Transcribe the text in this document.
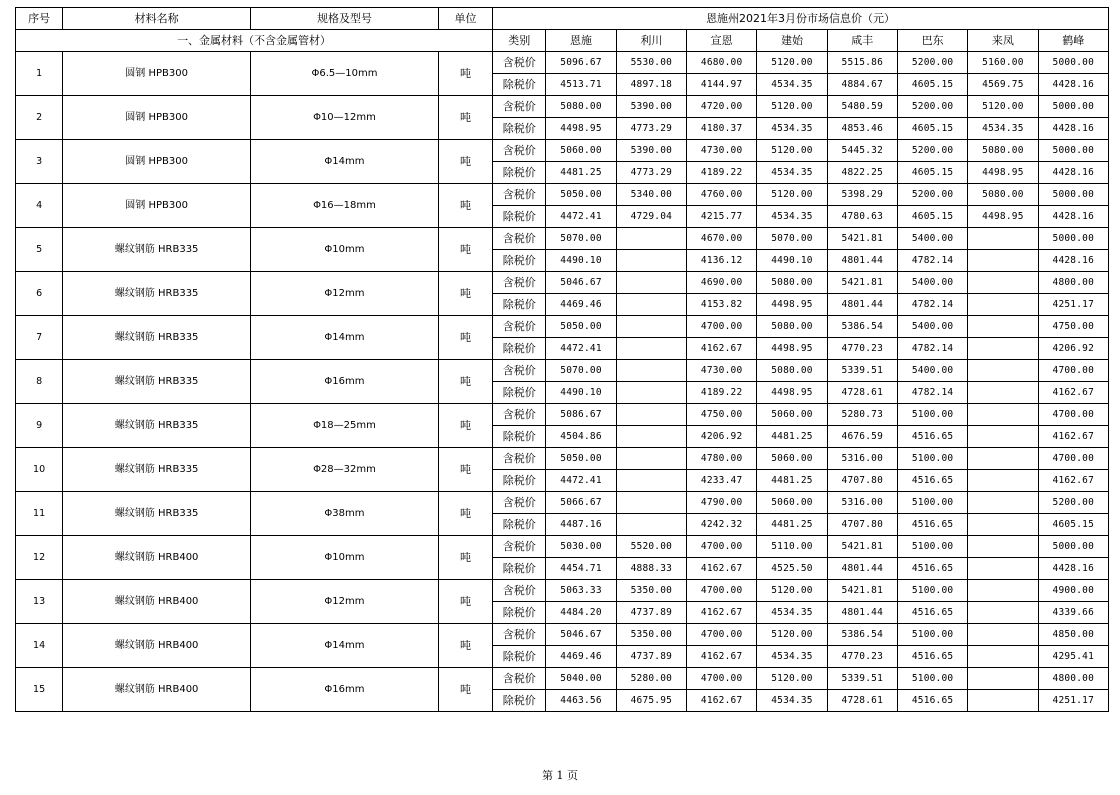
序号	材料名称	规格及型号	单位	恩施州2021年3月份市场信息价（元）								
一、金属材料（不含金属管材）				类别	恩施	利川	宣恩	建始	咸丰	巴东	来凤	鹤峰
1	圆钢 HPB300	Φ6.5—10mm	吨	含税价	5096.67	5530.00	4680.00	5120.00	5515.86	5200.00	5160.00	5000.00
				除税价	4513.71	4897.18	4144.97	4534.35	4884.67	4605.15	4569.75	4428.16
2	圆钢 HPB300	Φ10—12mm	吨	含税价	5080.00	5390.00	4720.00	5120.00	5480.59	5200.00	5120.00	5000.00
				除税价	4498.95	4773.29	4180.37	4534.35	4853.46	4605.15	4534.35	4428.16
3	圆钢 HPB300	Φ14mm	吨	含税价	5060.00	5390.00	4730.00	5120.00	5445.32	5200.00	5080.00	5000.00
				除税价	4481.25	4773.29	4189.22	4534.35	4822.25	4605.15	4498.95	4428.16
4	圆钢 HPB300	Φ16—18mm	吨	含税价	5050.00	5340.00	4760.00	5120.00	5398.29	5200.00	5080.00	5000.00
				除税价	4472.41	4729.04	4215.77	4534.35	4780.63	4605.15	4498.95	4428.16
5	螺纹钢筋 HRB335	Φ10mm	吨	含税价	5070.00		4670.00	5070.00	5421.81	5400.00		5000.00
				除税价	4490.10		4136.12	4490.10	4801.44	4782.14		4428.16
6	螺纹钢筋 HRB335	Φ12mm	吨	含税价	5046.67		4690.00	5080.00	5421.81	5400.00		4800.00
				除税价	4469.46		4153.82	4498.95	4801.44	4782.14		4251.17
7	螺纹钢筋 HRB335	Φ14mm	吨	含税价	5050.00		4700.00	5080.00	5386.54	5400.00		4750.00
				除税价	4472.41		4162.67	4498.95	4770.23	4782.14		4206.92
8	螺纹钢筋 HRB335	Φ16mm	吨	含税价	5070.00		4730.00	5080.00	5339.51	5400.00		4700.00
				除税价	4490.10		4189.22	4498.95	4728.61	4782.14		4162.67
9	螺纹钢筋 HRB335	Φ18—25mm	吨	含税价	5086.67		4750.00	5060.00	5280.73	5100.00		4700.00
				除税价	4504.86		4206.92	4481.25	4676.59	4516.65		4162.67
10	螺纹钢筋 HRB335	Φ28—32mm	吨	含税价	5050.00		4780.00	5060.00	5316.00	5100.00		4700.00
				除税价	4472.41		4233.47	4481.25	4707.80	4516.65		4162.67
11	螺纹钢筋 HRB335	Φ38mm	吨	含税价	5066.67		4790.00	5060.00	5316.00	5100.00		5200.00
				除税价	4487.16		4242.32	4481.25	4707.80	4516.65		4605.15
12	螺纹钢筋 HRB400	Φ10mm	吨	含税价	5030.00	5520.00	4700.00	5110.00	5421.81	5100.00		5000.00
				除税价	4454.71	4888.33	4162.67	4525.50	4801.44	4516.65		4428.16
13	螺纹钢筋 HRB400	Φ12mm	吨	含税价	5063.33	5350.00	4700.00	5120.00	5421.81	5100.00		4900.00
				除税价	4484.20	4737.89	4162.67	4534.35	4801.44	4516.65		4339.66
14	螺纹钢筋 HRB400	Φ14mm	吨	含税价	5046.67	5350.00	4700.00	5120.00	5386.54	5100.00		4850.00
				除税价	4469.46	4737.89	4162.67	4534.35	4770.23	4516.65		4295.41
15	螺纹钢筋 HRB400	Φ16mm	吨	含税价	5040.00	5280.00	4700.00	5120.00	5339.51	5100.00		4800.00
				除税价	4463.56	4675.95	4162.67	4534.35	4728.61	4516.65		4251.17
第 1 页
